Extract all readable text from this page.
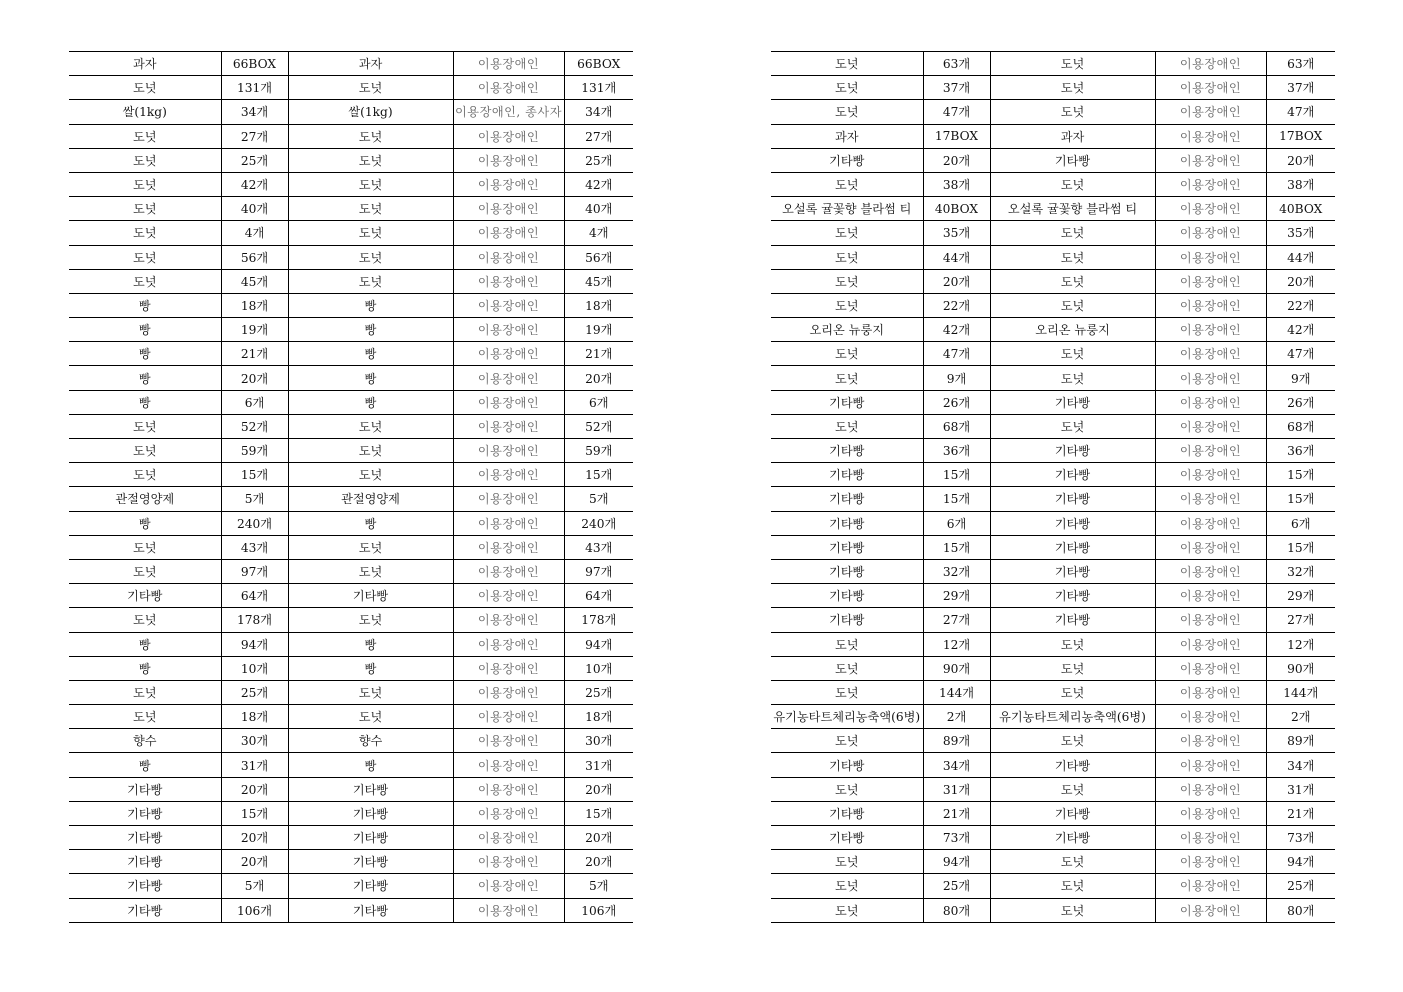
과자	66BOX	과자	이용장애인	66BOX
도넛	131개	도넛	이용장애인	131개
쌀(1kg)	34개	쌀(1kg)	이용장애인, 종사자	34개
도넛	27개	도넛	이용장애인	27개
도넛	25개	도넛	이용장애인	25개
도넛	42개	도넛	이용장애인	42개
도넛	40개	도넛	이용장애인	40개
도넛	4개	도넛	이용장애인	4개
도넛	56개	도넛	이용장애인	56개
도넛	45개	도넛	이용장애인	45개
빵	18개	빵	이용장애인	18개
빵	19개	빵	이용장애인	19개
빵	21개	빵	이용장애인	21개
빵	20개	빵	이용장애인	20개
빵	6개	빵	이용장애인	6개
도넛	52개	도넛	이용장애인	52개
도넛	59개	도넛	이용장애인	59개
도넛	15개	도넛	이용장애인	15개
관절영양제	5개	관절영양제	이용장애인	5개
빵	240개	빵	이용장애인	240개
도넛	43개	도넛	이용장애인	43개
도넛	97개	도넛	이용장애인	97개
기타빵	64개	기타빵	이용장애인	64개
도넛	178개	도넛	이용장애인	178개
빵	94개	빵	이용장애인	94개
빵	10개	빵	이용장애인	10개
도넛	25개	도넛	이용장애인	25개
도넛	18개	도넛	이용장애인	18개
향수	30개	향수	이용장애인	30개
빵	31개	빵	이용장애인	31개
기타빵	20개	기타빵	이용장애인	20개
기타빵	15개	기타빵	이용장애인	15개
기타빵	20개	기타빵	이용장애인	20개
기타빵	20개	기타빵	이용장애인	20개
기타빵	5개	기타빵	이용장애인	5개
기타빵	106개	기타빵	이용장애인	106개
도넛	63개	도넛	이용장애인	63개
도넛	37개	도넛	이용장애인	37개
도넛	47개	도넛	이용장애인	47개
과자	17BOX	과자	이용장애인	17BOX
기타빵	20개	기타빵	이용장애인	20개
도넛	38개	도넛	이용장애인	38개
오설록 귤꽃향 블라썸 티	40BOX	오설록 귤꽃향 블라썸 티	이용장애인	40BOX
도넛	35개	도넛	이용장애인	35개
도넛	44개	도넛	이용장애인	44개
도넛	20개	도넛	이용장애인	20개
도넛	22개	도넛	이용장애인	22개
오리온 뉴룽지	42개	오리온 뉴룽지	이용장애인	42개
도넛	47개	도넛	이용장애인	47개
도넛	9개	도넛	이용장애인	9개
기타빵	26개	기타빵	이용장애인	26개
도넛	68개	도넛	이용장애인	68개
기타빵	36개	기타빵	이용장애인	36개
기타빵	15개	기타빵	이용장애인	15개
기타빵	15개	기타빵	이용장애인	15개
기타빵	6개	기타빵	이용장애인	6개
기타빵	15개	기타빵	이용장애인	15개
기타빵	32개	기타빵	이용장애인	32개
기타빵	29개	기타빵	이용장애인	29개
기타빵	27개	기타빵	이용장애인	27개
도넛	12개	도넛	이용장애인	12개
도넛	90개	도넛	이용장애인	90개
도넛	144개	도넛	이용장애인	144개
유기농타트체리농축액(6병)	2개	유기농타트체리농축액(6병)	이용장애인	2개
도넛	89개	도넛	이용장애인	89개
기타빵	34개	기타빵	이용장애인	34개
도넛	31개	도넛	이용장애인	31개
기타빵	21개	기타빵	이용장애인	21개
기타빵	73개	기타빵	이용장애인	73개
도넛	94개	도넛	이용장애인	94개
도넛	25개	도넛	이용장애인	25개
도넛	80개	도넛	이용장애인	80개
